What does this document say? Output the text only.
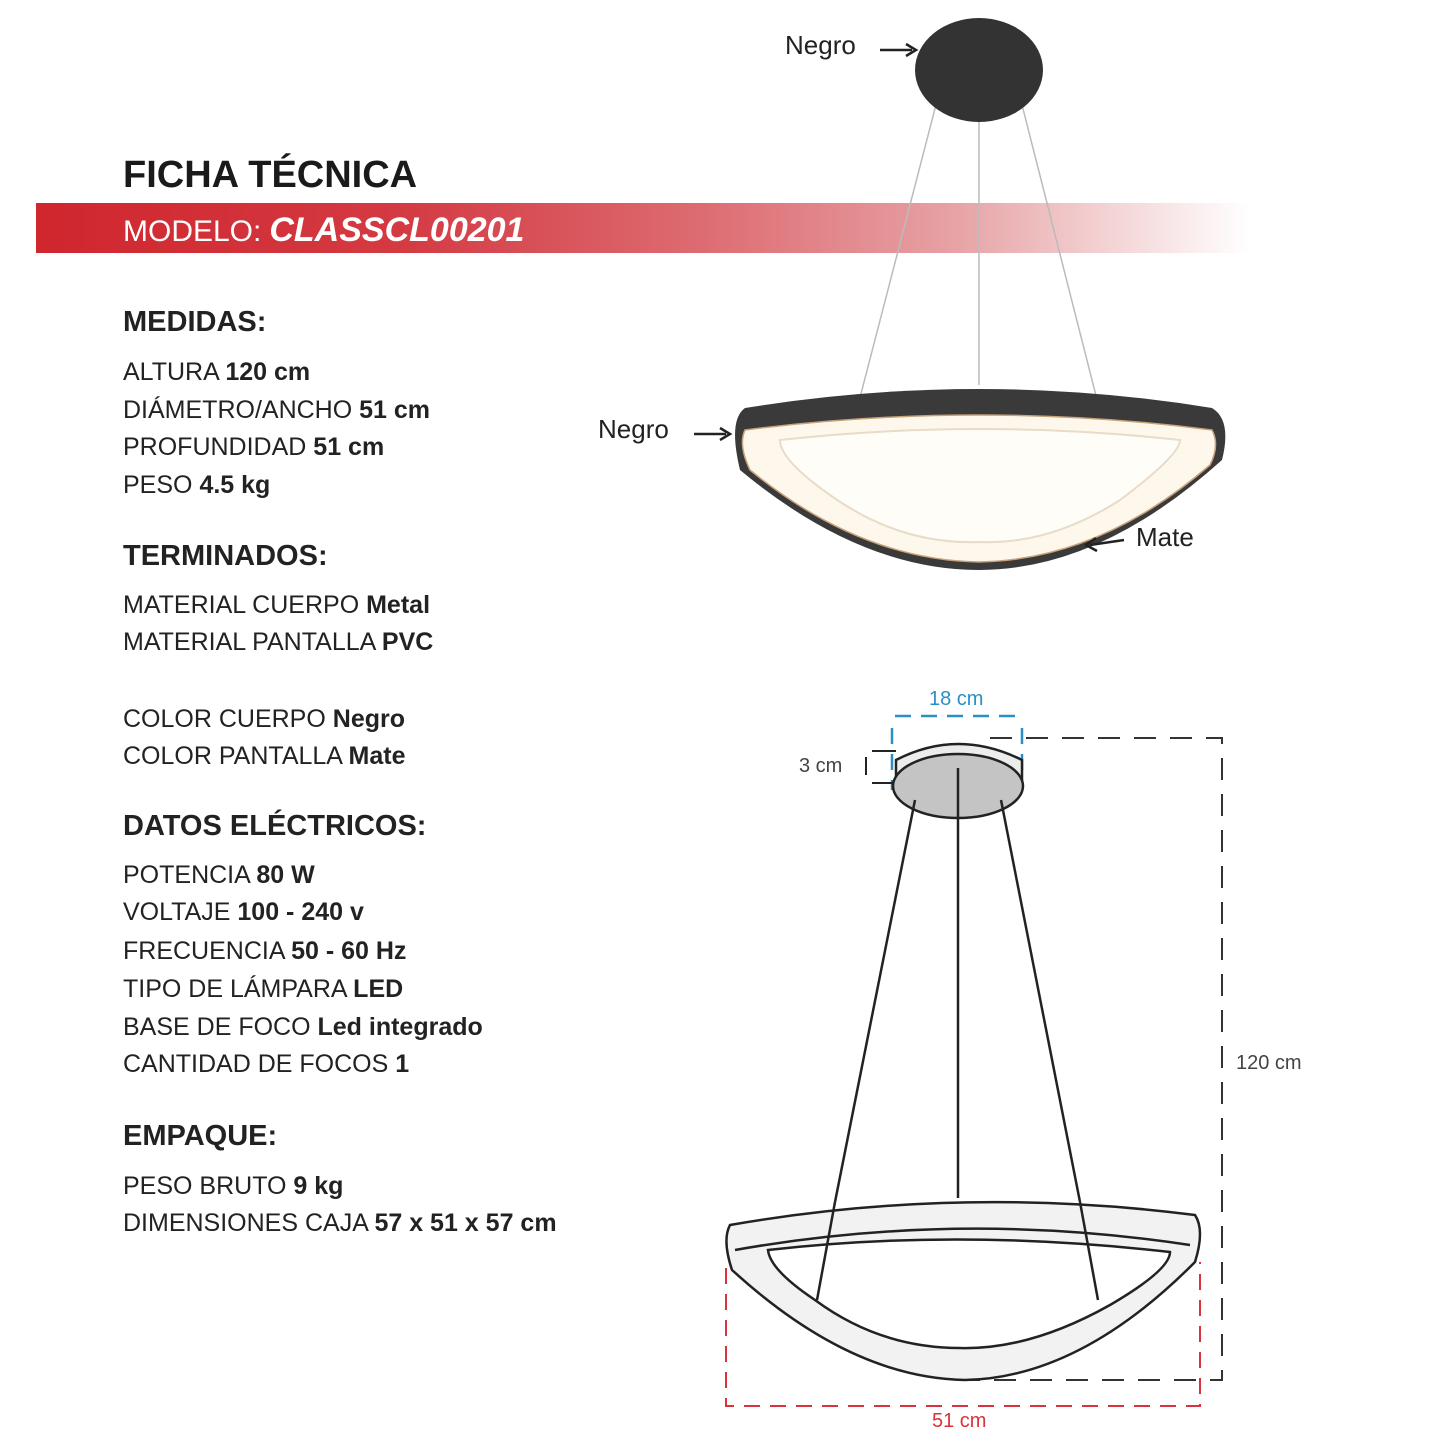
FICHA TÉCNICA
MODELO: CLASSCL00201
MEDIDAS:
ALTURA 120 cm
DIÁMETRO/ANCHO 51 cm
PROFUNDIDAD 51 cm
PESO 4.5 kg
TERMINADOS:
MATERIAL CUERPO Metal
MATERIAL PANTALLA PVC
COLOR CUERPO Negro
COLOR PANTALLA Mate
DATOS ELÉCTRICOS:
POTENCIA 80 W
VOLTAJE 100 - 240 v
FRECUENCIA 50 - 60 Hz
TIPO DE LÁMPARA LED
BASE DE FOCO Led integrado
CANTIDAD DE FOCOS 1
EMPAQUE:
PESO BRUTO 9 kg
DIMENSIONES CAJA 57 x 51 x 57 cm
Negro
Negro
Mate
18 cm
3 cm
120 cm
51 cm
